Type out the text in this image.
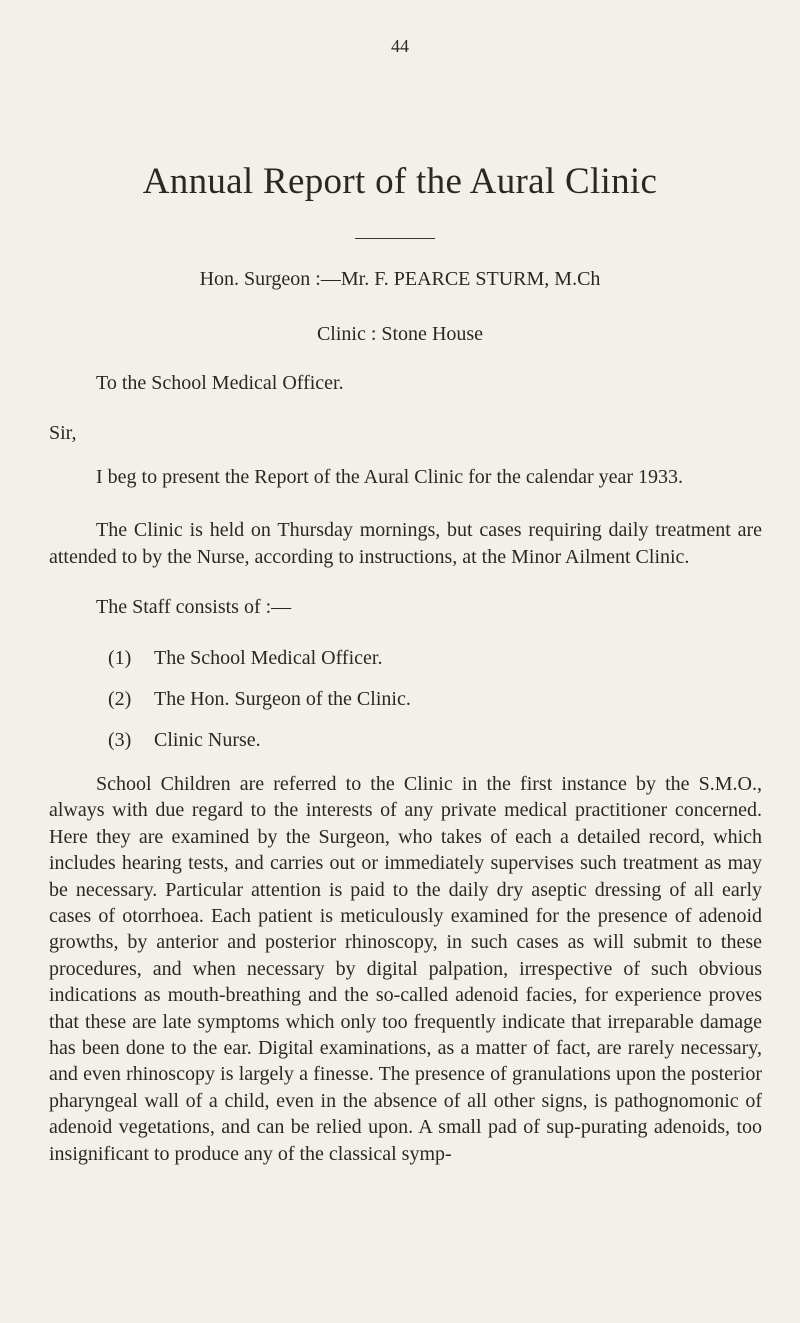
44
Annual Report of the Aural Clinic
Hon. Surgeon :—Mr. F. PEARCE STURM, M.Ch
Clinic : Stone House
To the School Medical Officer.
Sir,

I beg to present the Report of the Aural Clinic for the calendar year 1933.

The Clinic is held on Thursday mornings, but cases requiring daily treatment are attended to by the Nurse, according to instructions, at the Minor Ailment Clinic.

The Staff consists of :—
(1)	The School Medical Officer.
(2)	The Hon. Surgeon of the Clinic.
(3)	Clinic Nurse.

School Children are referred to the Clinic in the first instance by the S.M.O., always with due regard to the interests of any private medical practitioner concerned. Here they are examined by the Surgeon, who takes of each a detailed record, which includes hearing tests, and carries out or immediately supervises such treatment as may be necessary. Particular attention is paid to the daily dry aseptic dressing of all early cases of otorrhoea. Each patient is meticulously examined for the presence of adenoid growths, by anterior and posterior rhinoscopy, in such cases as will submit to these procedures, and when necessary by digital palpation, irrespective of such obvious indications as mouth-breathing and the so-called adenoid facies, for experience proves that these are late symptoms which only too frequently indicate that irreparable damage has been done to the ear. Digital examinations, as a matter of fact, are rarely necessary, and even rhinoscopy is largely a finesse. The presence of granulations upon the posterior pharyngeal wall of a child, even in the absence of all other signs, is pathognomonic of adenoid vegetations, and can be relied upon. A small pad of sup-purating adenoids, too insignificant to produce any of the classical symp-
